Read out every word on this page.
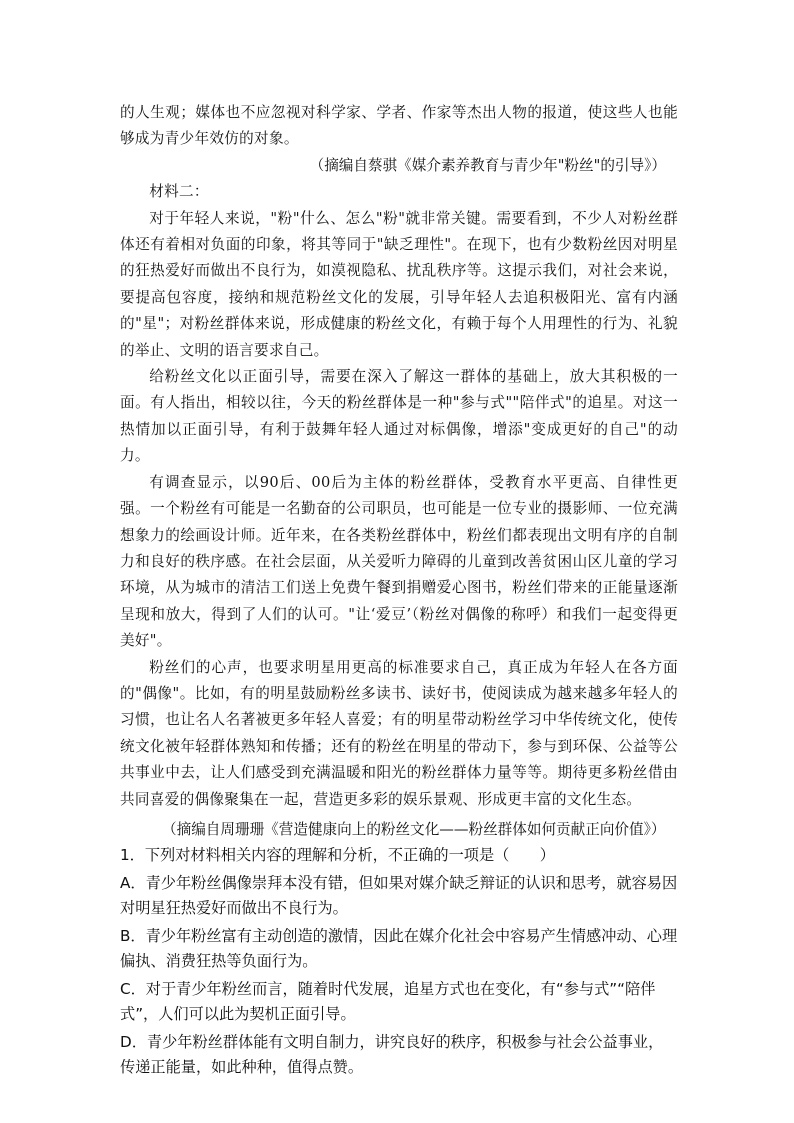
的人生观；媒体也不应忽视对科学家、学者、作家等杰出人物的报道，使这些人也能够成为青少年效仿的对象。

（摘编自蔡骐《媒介素养教育与青少年"粉丝"的引导》）

材料二：

对于年轻人来说，"粉"什么、怎么"粉"就非常关键。需要看到，不少人对粉丝群体还有着相对负面的印象，将其等同于"缺乏理性"。在现下，也有少数粉丝因对明星的狂热爱好而做出不良行为，如漠视隐私、扰乱秩序等。这提示我们，对社会来说，要提高包容度，接纳和规范粉丝文化的发展，引导年轻人去追积极阳光、富有内涵的"星"；对粉丝群体来说，形成健康的粉丝文化，有赖于每个人用理性的行为、礼貌的举止、文明的语言要求自己。

给粉丝文化以正面引导，需要在深入了解这一群体的基础上，放大其积极的一面。有人指出，相较以往，今天的粉丝群体是一种"参与式""陪伴式"的追星。对这一热情加以正面引导，有利于鼓舞年轻人通过对标偶像，增添"变成更好的自己"的动力。

有调查显示，以90后、00后为主体的粉丝群体，受教育水平更高、自律性更强。一个粉丝有可能是一名勤奋的公司职员，也可能是一位专业的摄影师、一位充满想象力的绘画设计师。近年来，在各类粉丝群体中，粉丝们都表现出文明有序的自制力和良好的秩序感。在社会层面，从关爱听力障碍的儿童到改善贫困山区儿童的学习环境，从为城市的清洁工们送上免费午餐到捐赠爱心图书，粉丝们带来的正能量逐渐呈现和放大，得到了人们的认可。"让‘爱豆’（粉丝对偶像的称呼）和我们一起变得更美好"。

粉丝们的心声，也要求明星用更高的标准要求自己，真正成为年轻人在各方面的"偶像"。比如，有的明星鼓励粉丝多读书、读好书，使阅读成为越来越多年轻人的习惯，也让名人名著被更多年轻人喜爱；有的明星带动粉丝学习中华传统文化，使传统文化被年轻群体熟知和传播；还有的粉丝在明星的带动下，参与到环保、公益等公共事业中去，让人们感受到充满温暖和阳光的粉丝群体力量等等。期待更多粉丝借由共同喜爱的偶像聚集在一起，营造更多彩的娱乐景观、形成更丰富的文化生态。

（摘编自周珊珊《营造健康向上的粉丝文化——粉丝群体如何贡献正向价值》）

1．下列对材料相关内容的理解和分析，不正确的一项是（　　）

A．青少年粉丝偶像崇拜本没有错，但如果对媒介缺乏辩证的认识和思考，就容易因对明星狂热爱好而做出不良行为。

B．青少年粉丝富有主动创造的激情，因此在媒介化社会中容易产生情感冲动、心理偏执、消费狂热等负面行为。

C．对于青少年粉丝而言，随着时代发展，追星方式也在变化，有“参与式”“陪伴式”，人们可以此为契机正面引导。

D．青少年粉丝群体能有文明自制力，讲究良好的秩序，积极参与社会公益事业，传递正能量，如此种种，值得点赞。
